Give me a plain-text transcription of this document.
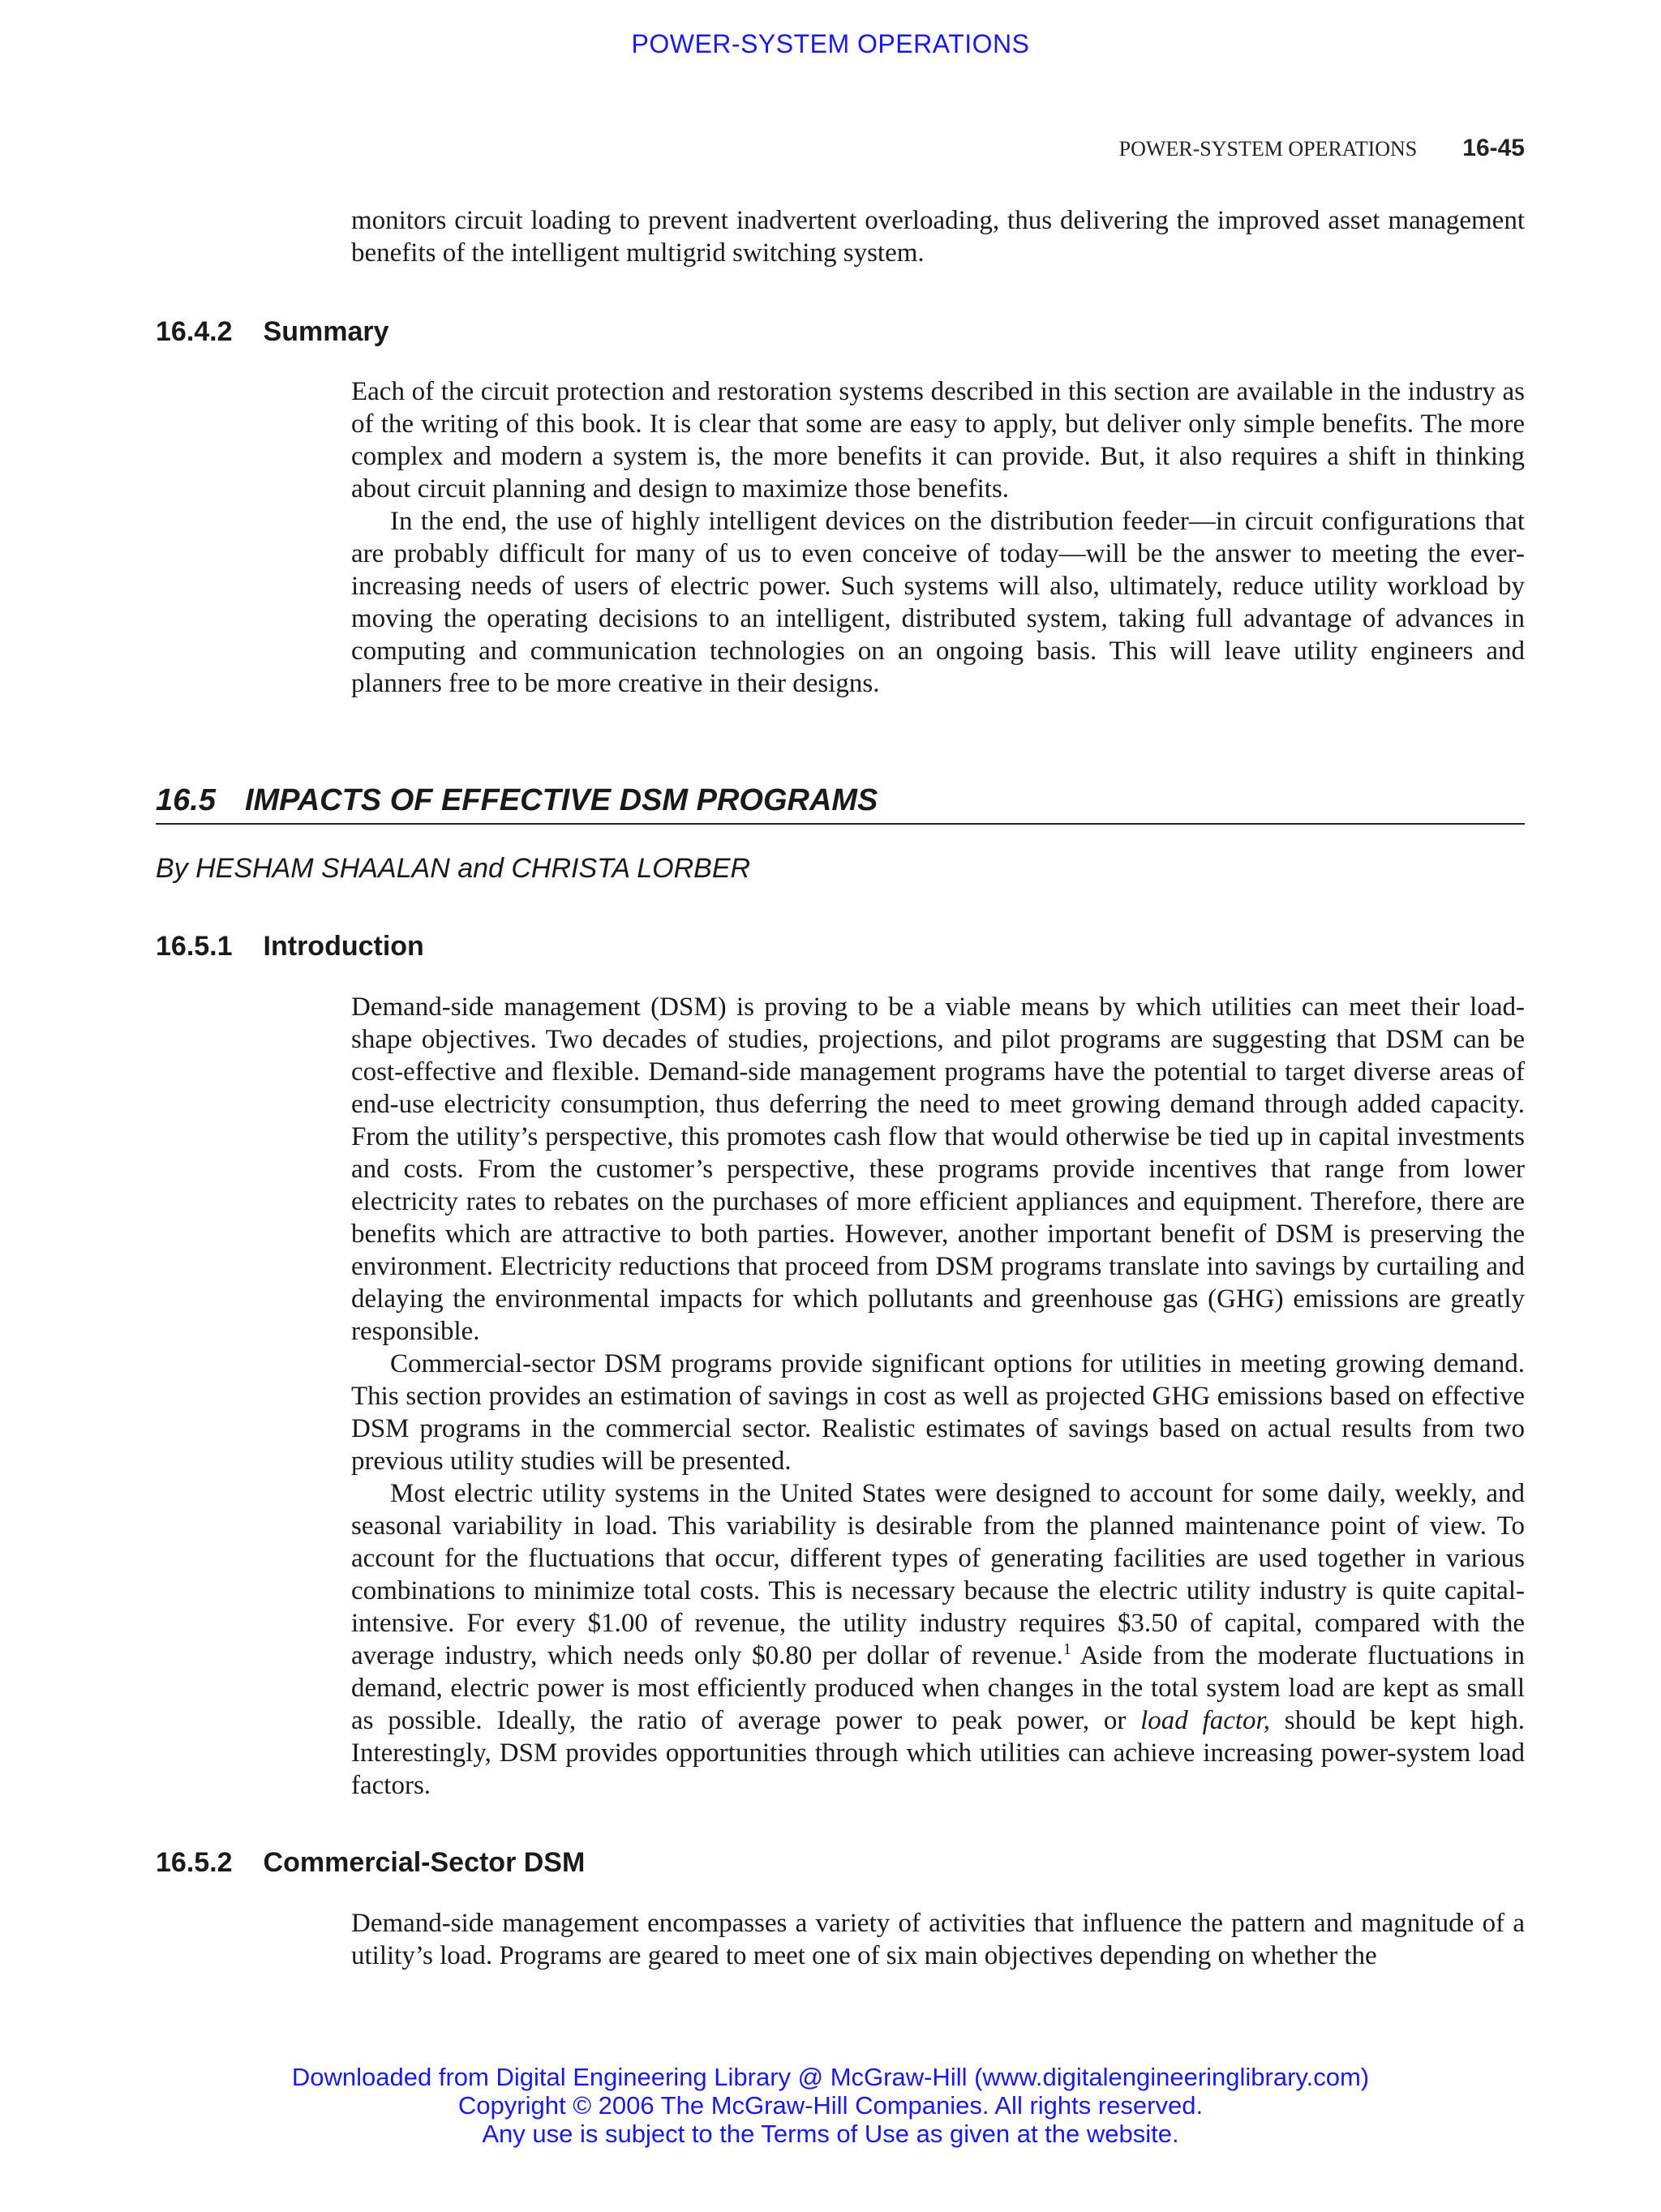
POWER-SYSTEM OPERATIONS
POWER-SYSTEM OPERATIONS 16-45

monitors circuit loading to prevent inadvertent overloading, thus delivering the improved asset management benefits of the intelligent multigrid switching system.

16.4.2 Summary

Each of the circuit protection and restoration systems described in this section are available in the industry as of the writing of this book. It is clear that some are easy to apply, but deliver only simple benefits. The more complex and modern a system is, the more benefits it can provide. But, it also requires a shift in thinking about circuit planning and design to maximize those benefits.

In the end, the use of highly intelligent devices on the distribution feeder—in circuit configurations that are probably difficult for many of us to even conceive of today—will be the answer to meeting the ever-increasing needs of users of electric power. Such systems will also, ultimately, reduce utility workload by moving the operating decisions to an intelligent, distributed system, taking full advantage of advances in computing and communication technologies on an ongoing basis. This will leave utility engineers and planners free to be more creative in their designs.

16.5 IMPACTS OF EFFECTIVE DSM PROGRAMS
By HESHAM SHAALAN and CHRISTA LORBER
16.5.1 Introduction

Demand-side management (DSM) is proving to be a viable means by which utilities can meet their load-shape objectives. Two decades of studies, projections, and pilot programs are suggesting that DSM can be cost-effective and flexible. Demand-side management programs have the potential to target diverse areas of end-use electricity consumption, thus deferring the need to meet growing demand through added capacity. From the utility’s perspective, this promotes cash flow that would otherwise be tied up in capital investments and costs. From the customer’s perspective, these programs provide incentives that range from lower electricity rates to rebates on the purchases of more efficient appliances and equipment. Therefore, there are benefits which are attractive to both parties. However, another important benefit of DSM is preserving the environment. Electricity reductions that proceed from DSM programs translate into savings by curtailing and delaying the environmental impacts for which pollutants and greenhouse gas (GHG) emissions are greatly responsible.

Commercial-sector DSM programs provide significant options for utilities in meeting growing demand. This section provides an estimation of savings in cost as well as projected GHG emissions based on effective DSM programs in the commercial sector. Realistic estimates of savings based on actual results from two previous utility studies will be presented.

Most electric utility systems in the United States were designed to account for some daily, weekly, and seasonal variability in load. This variability is desirable from the planned maintenance point of view. To account for the fluctuations that occur, different types of generating facilities are used together in various combinations to minimize total costs. This is necessary because the electric utility industry is quite capital-intensive. For every $1.00 of revenue, the utility industry requires $3.50 of capital, compared with the average industry, which needs only $0.80 per dollar of revenue.$^1$ Aside from the moderate fluctuations in demand, electric power is most efficiently produced when changes in the total system load are kept as small as possible. Ideally, the ratio of average power to peak power, or load factor, should be kept high. Interestingly, DSM provides opportunities through which utilities can achieve increasing power-system load factors.

16.5.2 Commercial-Sector DSM

Demand-side management encompasses a variety of activities that influence the pattern and magnitude of a utility’s load. Programs are geared to meet one of six main objectives depending on whether the

Downloaded from Digital Engineering Library @ McGraw-Hill (www.digitalengineeringlibrary.com)
Copyright © 2006 The McGraw-Hill Companies. All rights reserved.
Any use is subject to the Terms of Use as given at the website.
